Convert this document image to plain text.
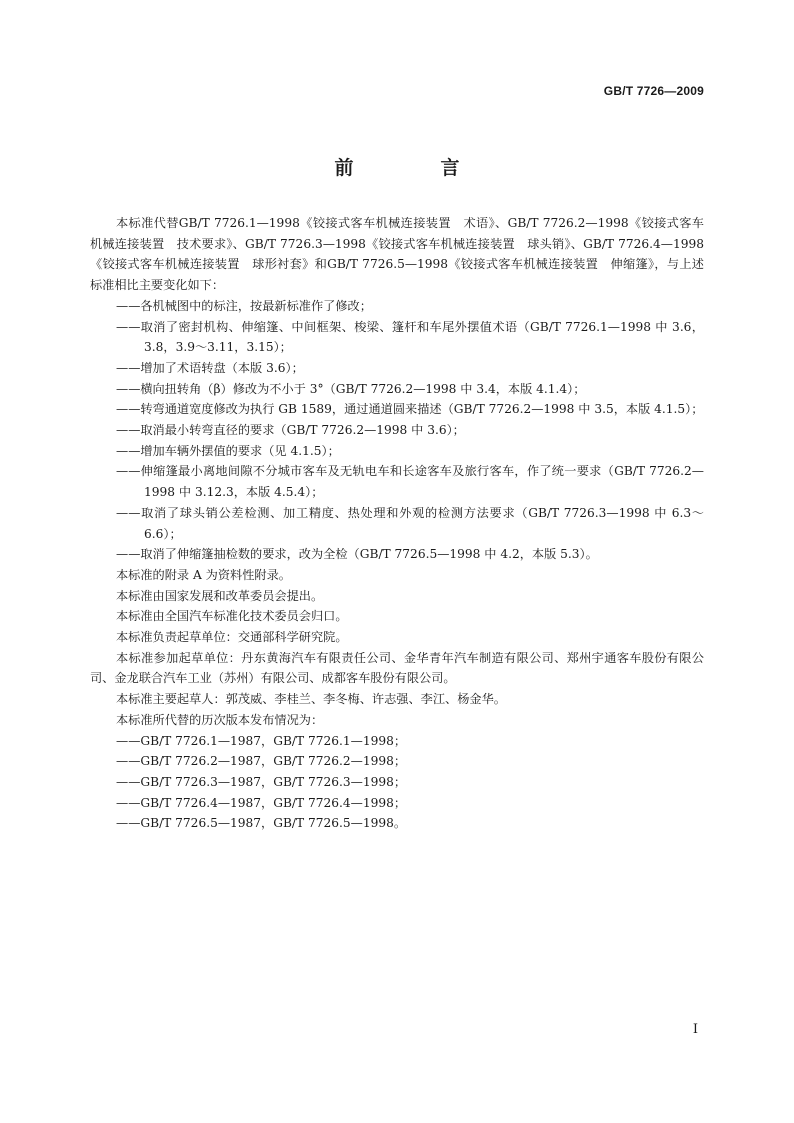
GB/T 7726—2009
前　言

本标准代替GB/T 7726.1—1998《铰接式客车机械连接装置　术语》、GB/T 7726.2—1998《铰接式客车机械连接装置　技术要求》、GB/T 7726.3—1998《铰接式客车机械连接装置　球头销》、GB/T 7726.4—1998《铰接式客车机械连接装置　球形衬套》和GB/T 7726.5—1998《铰接式客车机械连接装置　伸缩篷》，与上述标准相比主要变化如下：

——各机械图中的标注，按最新标准作了修改；

——取消了密封机构、伸缩篷、中间框架、梭梁、篷杆和车尾外摆值术语（GB/T 7726.1—1998 中 3.6，3.8，3.9～3.11，3.15）；

——增加了术语转盘（本版 3.6）；

——横向扭转角（β）修改为不小于 3°（GB/T 7726.2—1998 中 3.4，本版 4.1.4）；

——转弯通道宽度修改为执行 GB 1589，通过通道圆来描述（GB/T 7726.2—1998 中 3.5，本版 4.1.5）；

——取消最小转弯直径的要求（GB/T 7726.2—1998 中 3.6）；

——增加车辆外摆值的要求（见 4.1.5）；

——伸缩篷最小离地间隙不分城市客车及无轨电车和长途客车及旅行客车，作了统一要求（GB/T 7726.2—1998 中 3.12.3，本版 4.5.4）；

——取消了球头销公差检测、加工精度、热处理和外观的检测方法要求（GB/T 7726.3—1998 中 6.3～6.6）；

——取消了伸缩篷抽检数的要求，改为全检（GB/T 7726.5—1998 中 4.2，本版 5.3）。

本标准的附录 A 为资料性附录。

本标准由国家发展和改革委员会提出。

本标准由全国汽车标准化技术委员会归口。

本标准负责起草单位：交通部科学研究院。

本标准参加起草单位：丹东黄海汽车有限责任公司、金华青年汽车制造有限公司、郑州宇通客车股份有限公司、金龙联合汽车工业（苏州）有限公司、成都客车股份有限公司。

本标准主要起草人：郭茂威、李桂兰、李冬梅、许志强、李江、杨金华。

本标准所代替的历次版本发布情况为：

——GB/T 7726.1—1987，GB/T 7726.1—1998；

——GB/T 7726.2—1987，GB/T 7726.2—1998；

——GB/T 7726.3—1987，GB/T 7726.3—1998；

——GB/T 7726.4—1987，GB/T 7726.4—1998；

——GB/T 7726.5—1987，GB/T 7726.5—1998。

I
